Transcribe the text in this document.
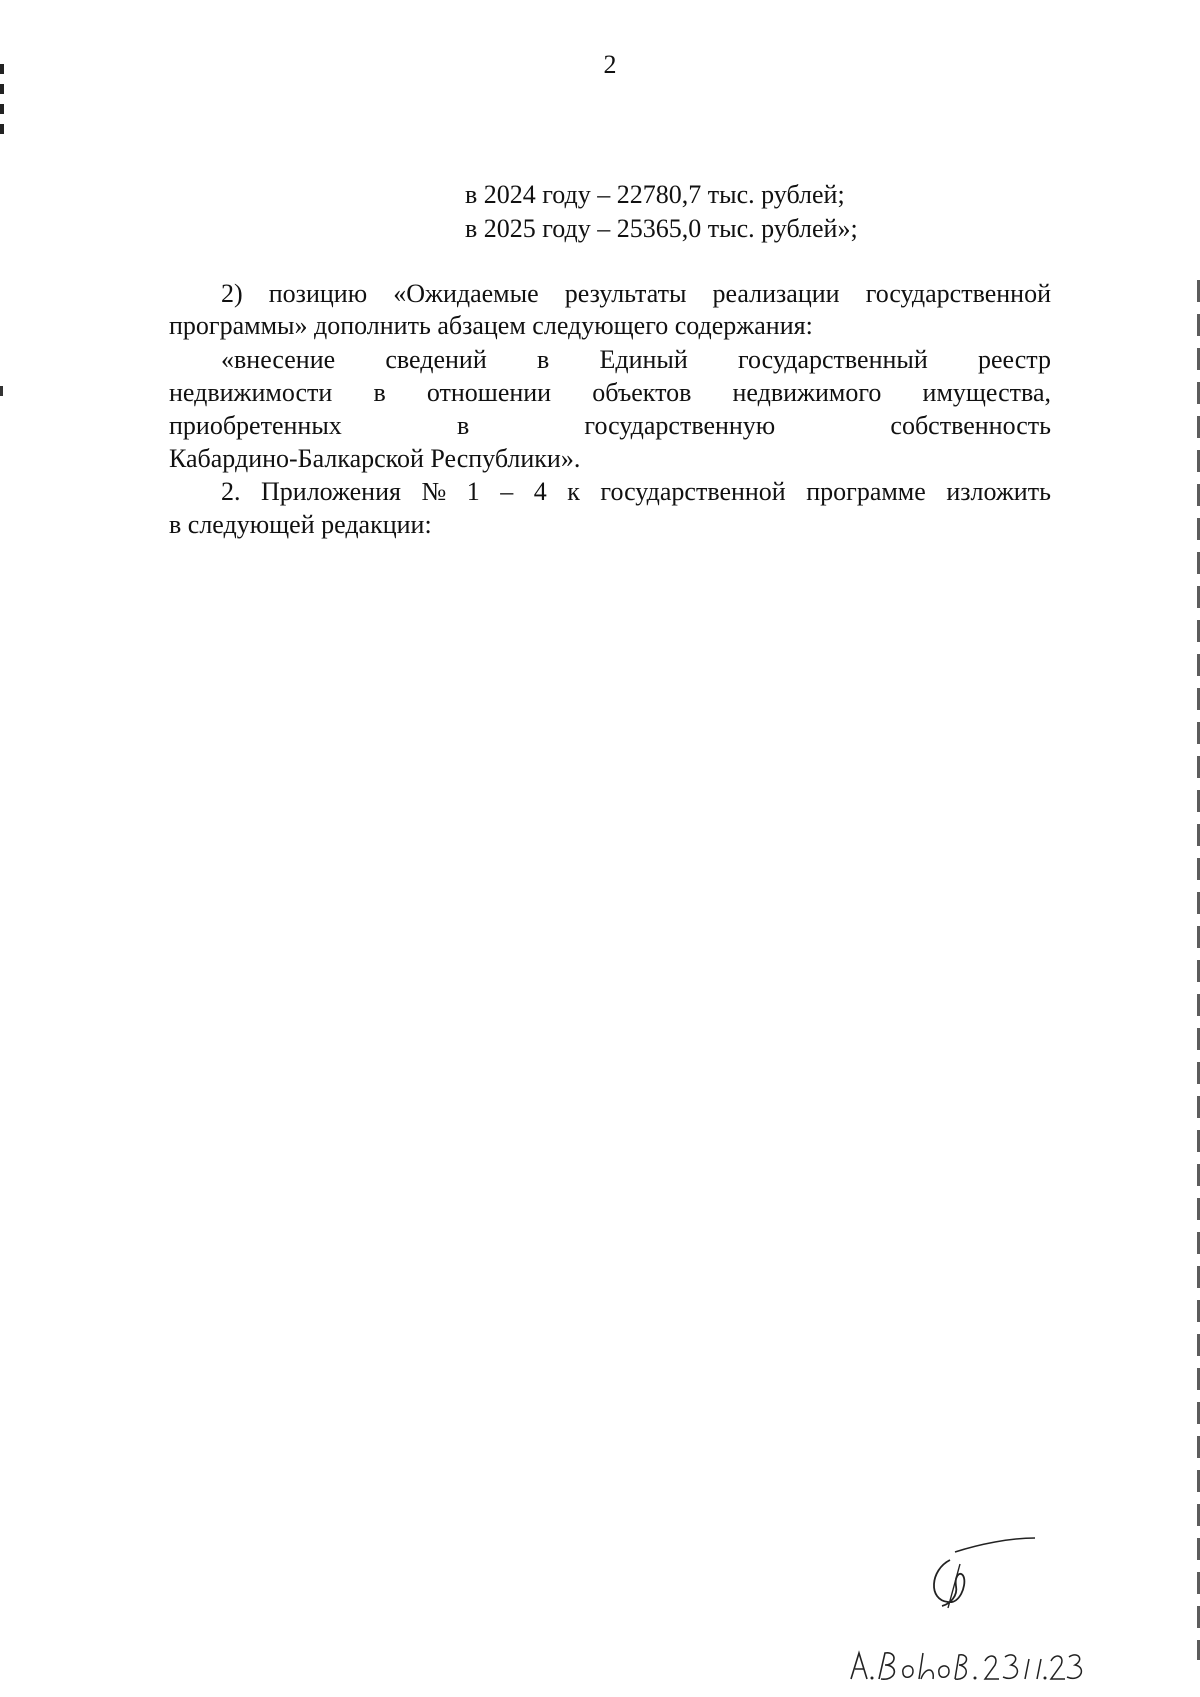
2
в 2024 году – 22780,7 тыс. рублей;
в 2025 году – 25365,0 тыс. рублей»;
2) позицию «Ожидаемые результаты реализации государственной
программы» дополнить абзацем следующего содержания:
«внесение сведений в Единый государственный реестр
недвижимости в отношении объектов недвижимого имущества,
приобретенных	в	государственную	собственность
Кабардино-Балкарской Республики».
2. Приложения № 1 – 4 к государственной программе изложить
в следующей редакции:
